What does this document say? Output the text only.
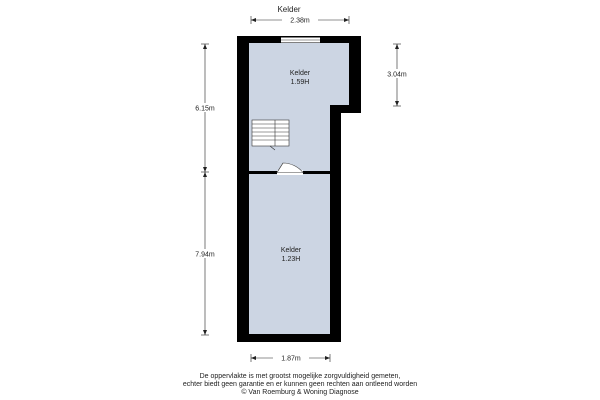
Kelder
Kelder
1.59H
Kelder
1.23H
2.38m
1.87m
6.15m
7.94m
3.04m
De oppervlakte is met grootst mogelijke zorgvuldigheid gemeten,
echter biedt geen garantie en er kunnen geen rechten aan ontleend worden
© Van Roemburg & Woning Diagnose
